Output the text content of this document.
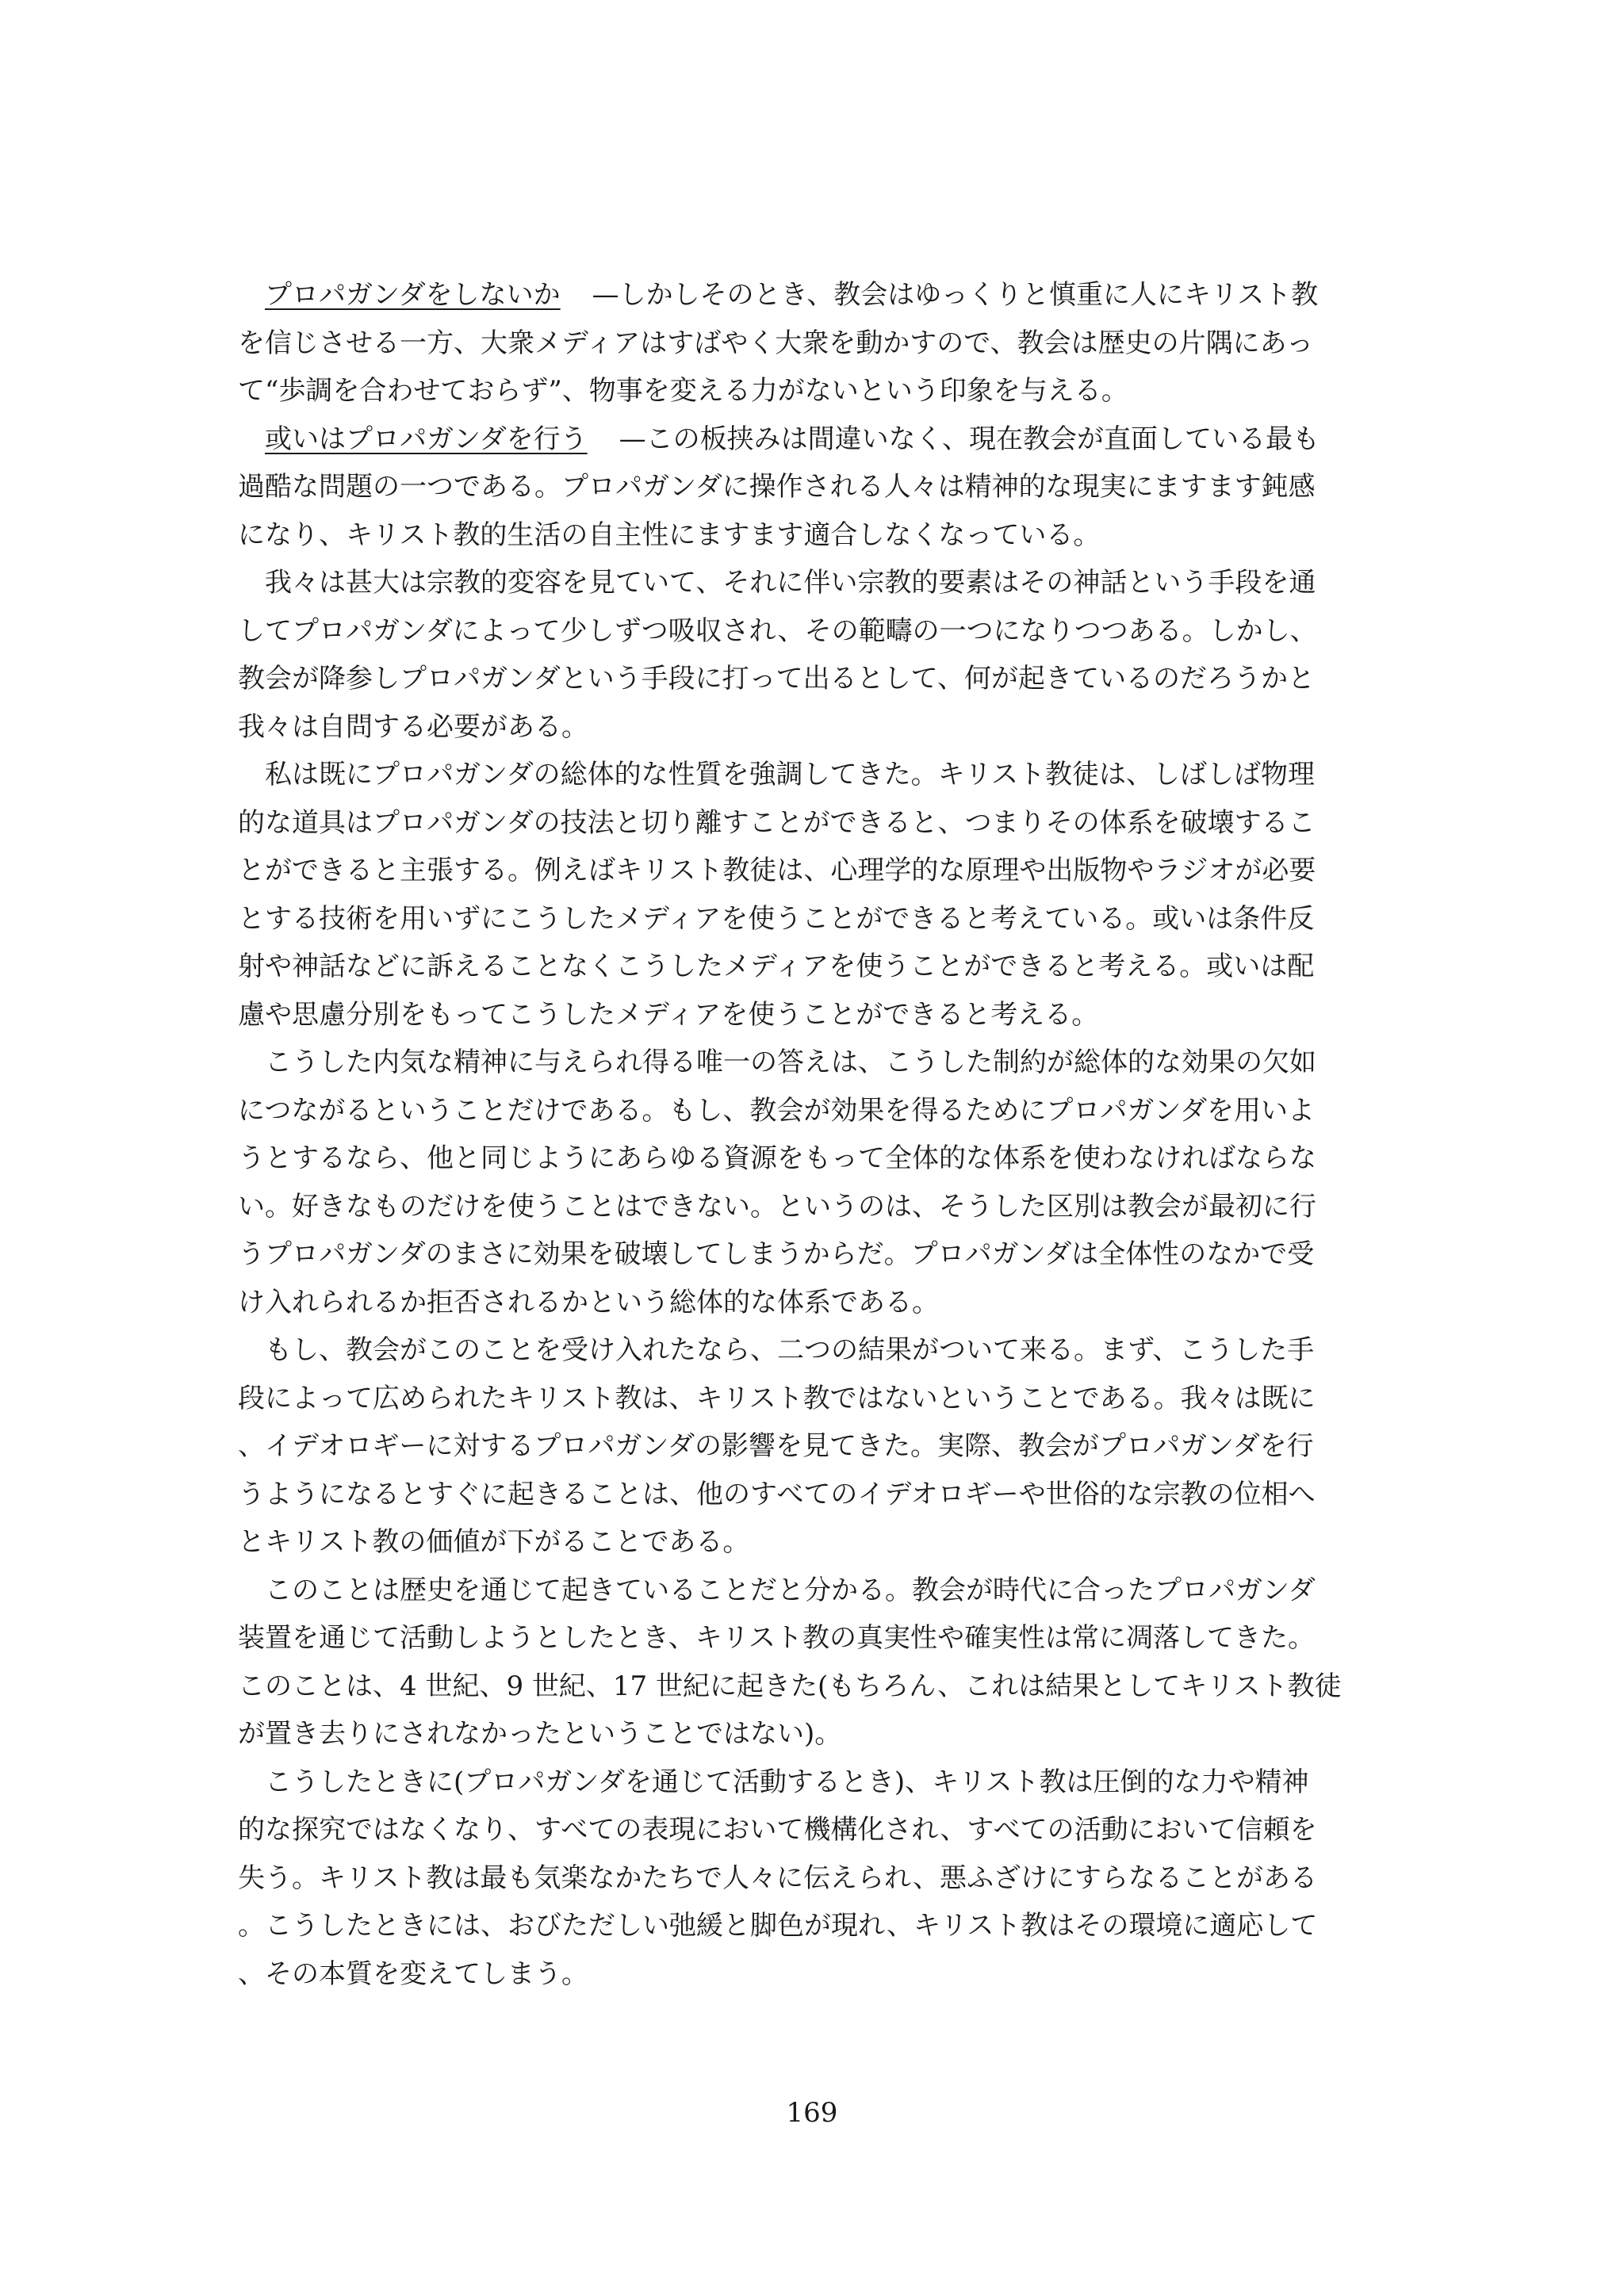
プロパガンダをしないか —しかしそのとき、教会はゆっくりと慎重に人にキリスト教
を信じさせる一方、大衆メディアはすばやく大衆を動かすので、教会は歴史の片隅にあっ
て“歩調を合わせておらず”、物事を変える力がないという印象を与える。
或いはプロパガンダを行う —この板挟みは間違いなく、現在教会が直面している最も
過酷な問題の一つである。プロパガンダに操作される人々は精神的な現実にますます鈍感
になり、キリスト教的生活の自主性にますます適合しなくなっている。
我々は甚大は宗教的変容を見ていて、それに伴い宗教的要素はその神話という手段を通
してプロパガンダによって少しずつ吸収され、その範疇の一つになりつつある。しかし、
教会が降参しプロパガンダという手段に打って出るとして、何が起きているのだろうかと
我々は自問する必要がある。
私は既にプロパガンダの総体的な性質を強調してきた。キリスト教徒は、しばしば物理
的な道具はプロパガンダの技法と切り離すことができると、つまりその体系を破壊するこ
とができると主張する。例えばキリスト教徒は、心理学的な原理や出版物やラジオが必要
とする技術を用いずにこうしたメディアを使うことができると考えている。或いは条件反
射や神話などに訴えることなくこうしたメディアを使うことができると考える。或いは配
慮や思慮分別をもってこうしたメディアを使うことができると考える。
こうした内気な精神に与えられ得る唯一の答えは、こうした制約が総体的な効果の欠如
につながるということだけである。もし、教会が効果を得るためにプロパガンダを用いよ
うとするなら、他と同じようにあらゆる資源をもって全体的な体系を使わなければならな
い。好きなものだけを使うことはできない。というのは、そうした区別は教会が最初に行
うプロパガンダのまさに効果を破壊してしまうからだ。プロパガンダは全体性のなかで受
け入れられるか拒否されるかという総体的な体系である。
もし、教会がこのことを受け入れたなら、二つの結果がついて来る。まず、こうした手
段によって広められたキリスト教は、キリスト教ではないということである。我々は既に
、イデオロギーに対するプロパガンダの影響を見てきた。実際、教会がプロパガンダを行
うようになるとすぐに起きることは、他のすべてのイデオロギーや世俗的な宗教の位相へ
とキリスト教の価値が下がることである。
このことは歴史を通じて起きていることだと分かる。教会が時代に合ったプロパガンダ
装置を通じて活動しようとしたとき、キリスト教の真実性や確実性は常に凋落してきた。
このことは、4 世紀、9 世紀、17 世紀に起きた(もちろん、これは結果としてキリスト教徒
が置き去りにされなかったということではない)。
こうしたときに(プロパガンダを通じて活動するとき)、キリスト教は圧倒的な力や精神
的な探究ではなくなり、すべての表現において機構化され、すべての活動において信頼を
失う。キリスト教は最も気楽なかたちで人々に伝えられ、悪ふざけにすらなることがある
。こうしたときには、おびただしい弛緩と脚色が現れ、キリスト教はその環境に適応して
、その本質を変えてしまう。
169
